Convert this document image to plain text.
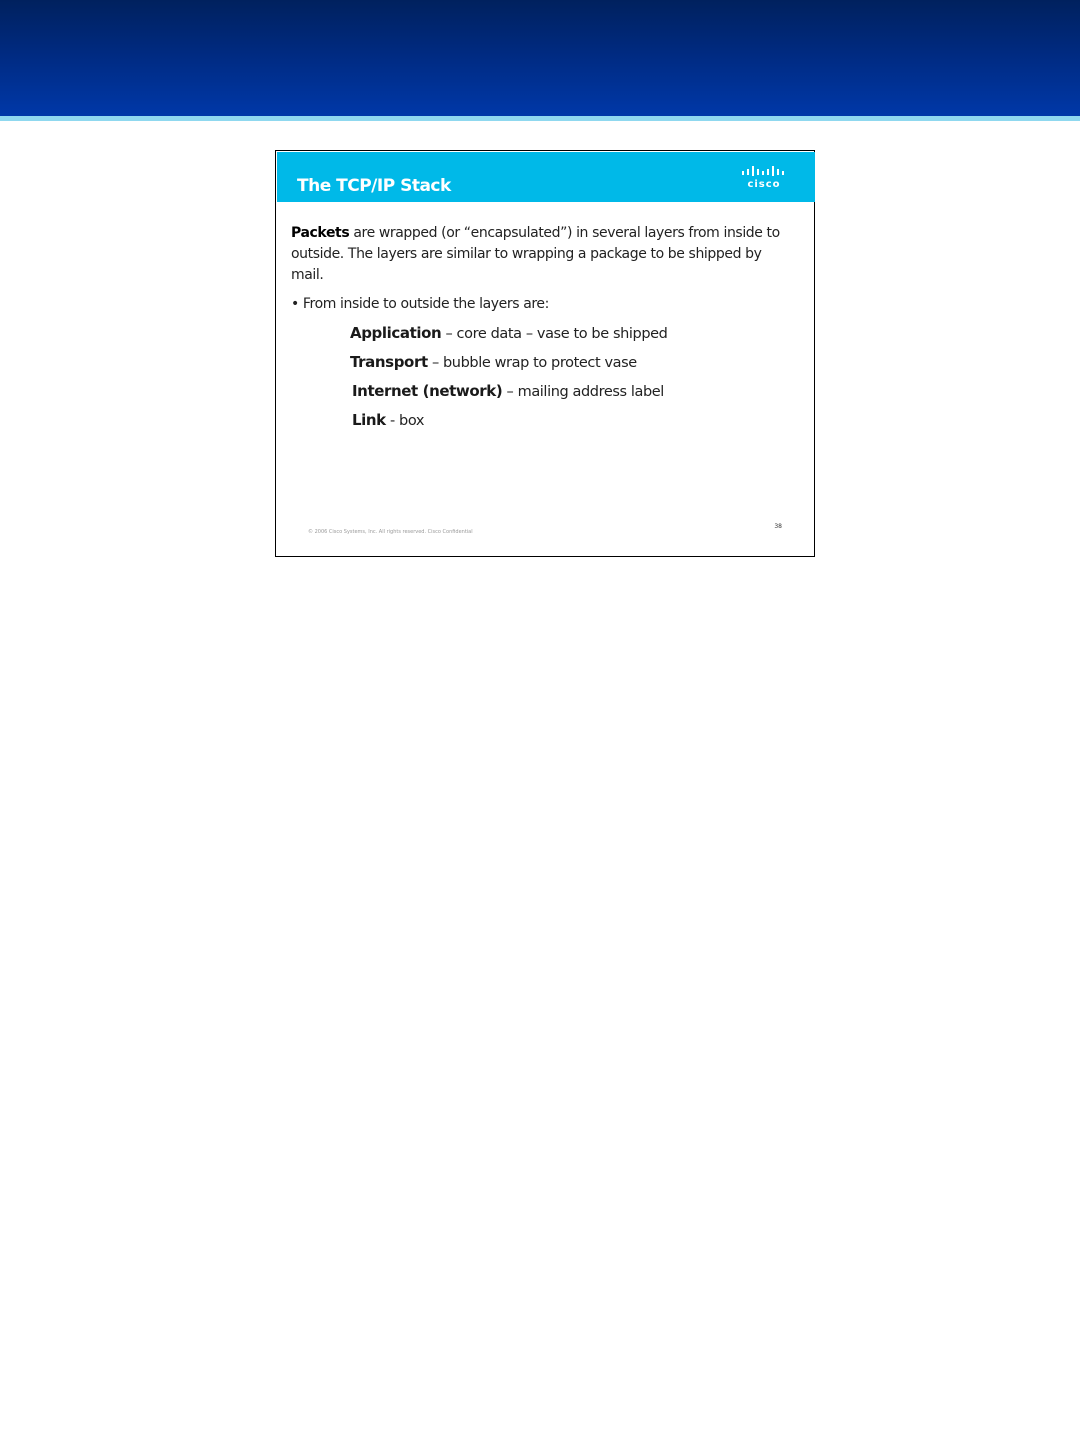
The TCP/IP Stack	cisco

Packets are wrapped (or “encapsulated”) in several layers from inside to outside. The layers are similar to wrapping a package to be shipped by mail.

• From inside to outside the layers are:

Application – core data – vase to be shipped
Transport – bubble wrap to protect vase
Internet (network) – mailing address label
Link - box
© 2006 Cisco Systems, Inc. All rights reserved. Cisco Confidential
38
